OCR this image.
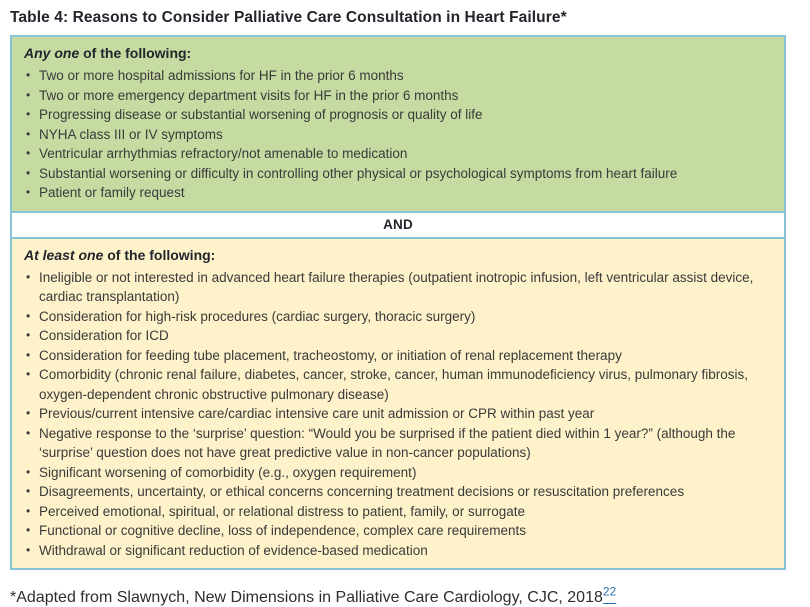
Table 4: Reasons to Consider Palliative Care Consultation in Heart Failure*

Any one of the following:

• Two or more hospital admissions for HF in the prior 6 months
• Two or more emergency department visits for HF in the prior 6 months
• Progressing disease or substantial worsening of prognosis or quality of life
• NYHA class III or IV symptoms
• Ventricular arrhythmias refractory/not amenable to medication
• Substantial worsening or difficulty in controlling other physical or psychological symptoms from heart failure
• Patient or family request
AND

At least one of the following:

• Ineligible or not interested in advanced heart failure therapies (outpatient inotropic infusion, left ventricular assist device, cardiac transplantation)
• Consideration for high-risk procedures (cardiac surgery, thoracic surgery)
• Consideration for ICD
• Consideration for feeding tube placement, tracheostomy, or initiation of renal replacement therapy
• Comorbidity (chronic renal failure, diabetes, cancer, stroke, cancer, human immunodeficiency virus, pulmonary fibrosis, oxygen-dependent chronic obstructive pulmonary disease)
• Previous/current intensive care/cardiac intensive care unit admission or CPR within past year
• Negative response to the ‘surprise’ question: “Would you be surprised if the patient died within 1 year?” (although the ‘surprise’ question does not have great predictive value in non-cancer populations)
• Significant worsening of comorbidity (e.g., oxygen requirement)
• Disagreements, uncertainty, or ethical concerns concerning treatment decisions or resuscitation preferences
• Perceived emotional, spiritual, or relational distress to patient, family, or surrogate
• Functional or cognitive decline, loss of independence, complex care requirements
• Withdrawal or significant reduction of evidence-based medication

*Adapted from Slawnych, New Dimensions in Palliative Care Cardiology, CJC, 2018$^{22}$
